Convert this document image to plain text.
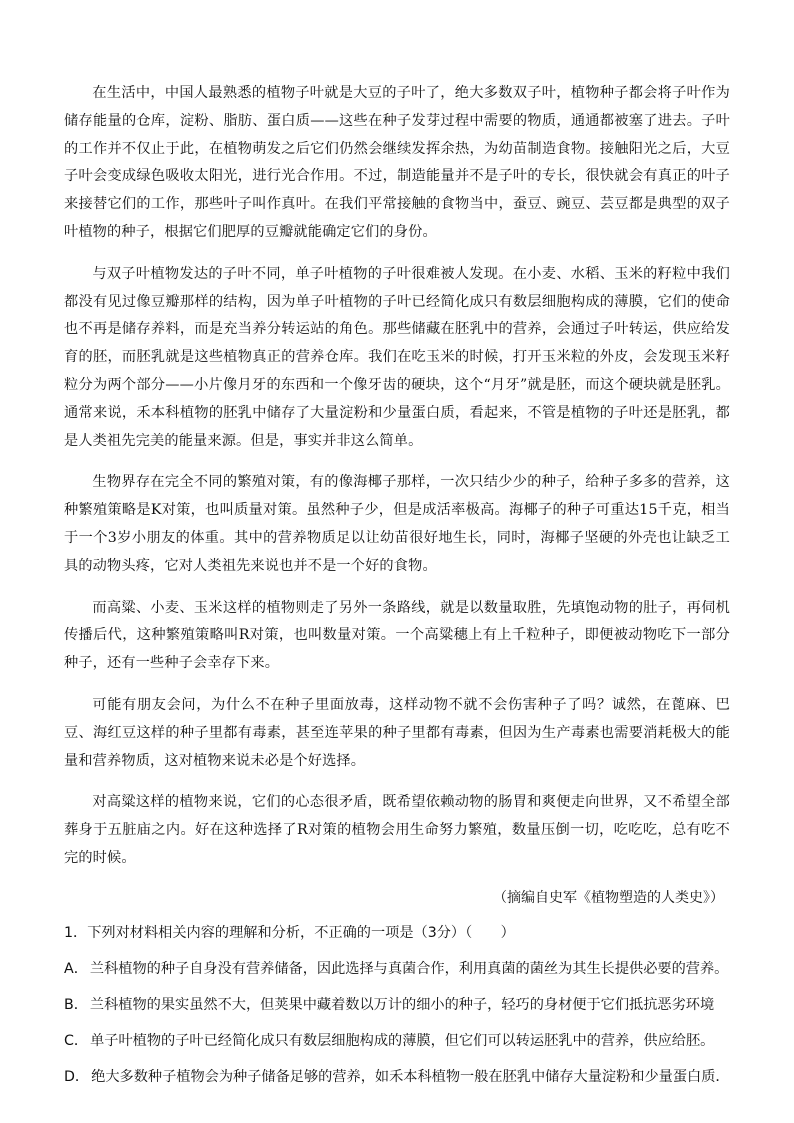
在生活中，中国人最熟悉的植物子叶就是大豆的子叶了，绝大多数双子叶，植物种子都会将子叶作为储存能量的仓库，淀粉、脂肪、蛋白质——这些在种子发芽过程中需要的物质，通通都被塞了进去。子叶的工作并不仅止于此，在植物萌发之后它们仍然会继续发挥余热，为幼苗制造食物。接触阳光之后，大豆子叶会变成绿色吸收太阳光，进行光合作用。不过，制造能量并不是子叶的专长，很快就会有真正的叶子来接替它们的工作，那些叶子叫作真叶。在我们平常接触的食物当中，蚕豆、豌豆、芸豆都是典型的双子叶植物的种子，根据它们肥厚的豆瓣就能确定它们的身份。

与双子叶植物发达的子叶不同，单子叶植物的子叶很难被人发现。在小麦、水稻、玉米的籽粒中我们都没有见过像豆瓣那样的结构，因为单子叶植物的子叶已经简化成只有数层细胞构成的薄膜，它们的使命也不再是储存养料，而是充当养分转运站的角色。那些储藏在胚乳中的营养，会通过子叶转运，供应给发育的胚，而胚乳就是这些植物真正的营养仓库。我们在吃玉米的时候，打开玉米粒的外皮，会发现玉米籽粒分为两个部分——小片像月牙的东西和一个像牙齿的硬块，这个“月牙”就是胚，而这个硬块就是胚乳。通常来说，禾本科植物的胚乳中储存了大量淀粉和少量蛋白质，看起来，不管是植物的子叶还是胚乳，都是人类祖先完美的能量来源。但是，事实并非这么简单。

生物界存在完全不同的繁殖对策，有的像海椰子那样，一次只结少少的种子，给种子多多的营养，这种繁殖策略是K对策，也叫质量对策。虽然种子少，但是成活率极高。海椰子的种子可重达15千克，相当于一个3岁小朋友的体重。其中的营养物质足以让幼苗很好地生长，同时，海椰子坚硬的外壳也让缺乏工具的动物头疼，它对人类祖先来说也并不是一个好的食物。

而高粱、小麦、玉米这样的植物则走了另外一条路线，就是以数量取胜，先填饱动物的肚子，再伺机传播后代，这种繁殖策略叫R对策，也叫数量对策。一个高粱穗上有上千粒种子，即便被动物吃下一部分种子，还有一些种子会幸存下来。

可能有朋友会问，为什么不在种子里面放毒，这样动物不就不会伤害种子了吗？诚然，在蓖麻、巴豆、海红豆这样的种子里都有毒素，甚至连苹果的种子里都有毒素，但因为生产毒素也需要消耗极大的能量和营养物质，这对植物来说未必是个好选择。

对高粱这样的植物来说，它们的心态很矛盾，既希望依赖动物的肠胃和爽便走向世界，又不希望全部葬身于五脏庙之内。好在这种选择了R对策的植物会用生命努力繁殖，数量压倒一切，吃吃吃，总有吃不完的时候。

（摘编自史军《植物塑造的人类史》）
1．下列对材料相关内容的理解和分析，不正确的一项是（3分）（　　）
A． 兰科植物的种子自身没有营养储备，因此选择与真菌合作，利用真菌的菌丝为其生长提供必要的营养。
B． 兰科植物的果实虽然不大，但荚果中藏着数以万计的细小的种子，轻巧的身材便于它们抵抗恶劣环境
C． 单子叶植物的子叶已经简化成只有数层细胞构成的薄膜，但它们可以转运胚乳中的营养，供应给胚。
D． 绝大多数种子植物会为种子储备足够的营养，如禾本科植物一般在胚乳中储存大量淀粉和少量蛋白质．
